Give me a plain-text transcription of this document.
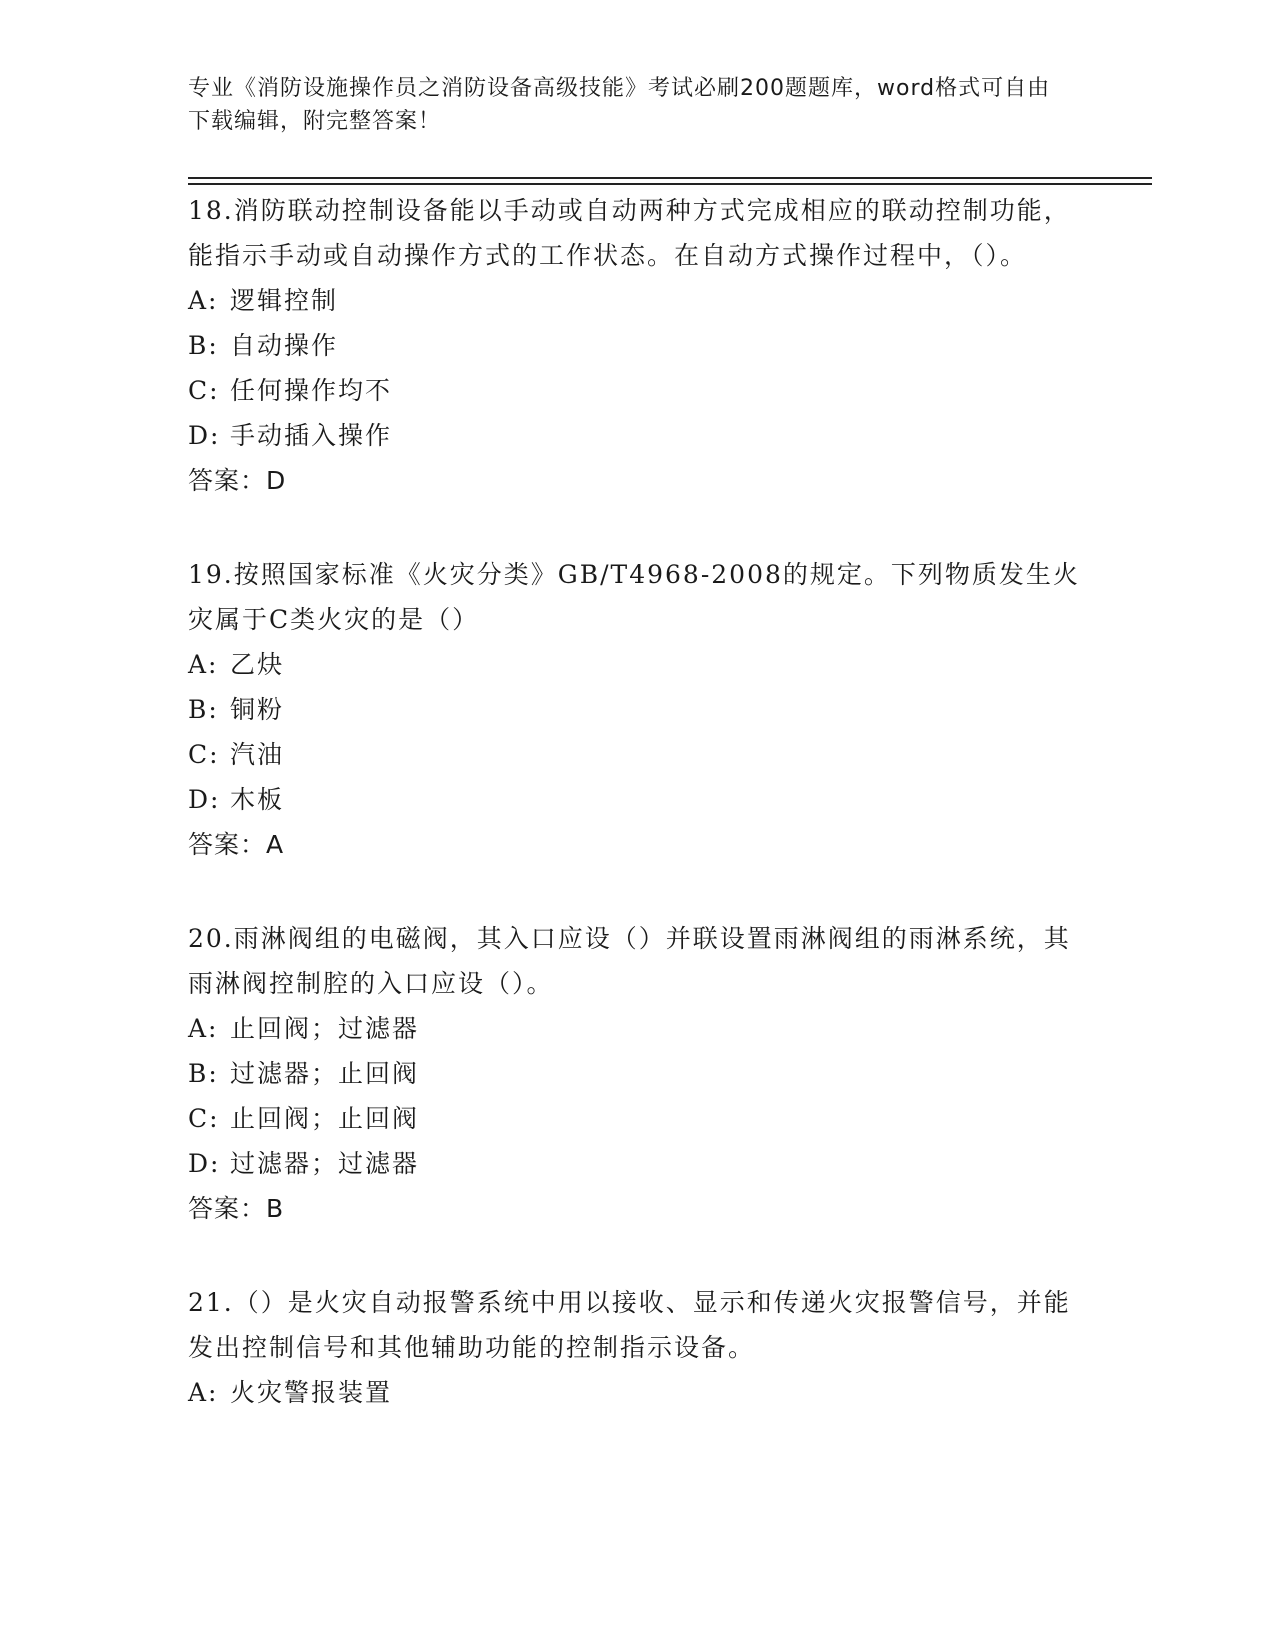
专业《消防设施操作员之消防设备高级技能》考试必刷200题题库，word格式可自由下载编辑，附完整答案！

18.消防联动控制设备能以手动或自动两种方式完成相应的联动控制功能，能指示手动或自动操作方式的工作状态。在自动方式操作过程中，（）。

A: 逻辑控制
B: 自动操作
C: 任何操作均不
D: 手动插入操作
答案：D

19.按照国家标准《火灾分类》GB/T4968-2008的规定。下列物质发生火灾属于C类火灾的是（）

A: 乙炔
B: 铜粉
C: 汽油
D: 木板
答案：A

20.雨淋阀组的电磁阀，其入口应设（）并联设置雨淋阀组的雨淋系统，其雨淋阀控制腔的入口应设（）。

A: 止回阀；过滤器
B: 过滤器；止回阀
C: 止回阀；止回阀
D: 过滤器；过滤器
答案：B

21.（）是火灾自动报警系统中用以接收、显示和传递火灾报警信号，并能发出控制信号和其他辅助功能的控制指示设备。

A: 火灾警报装置
